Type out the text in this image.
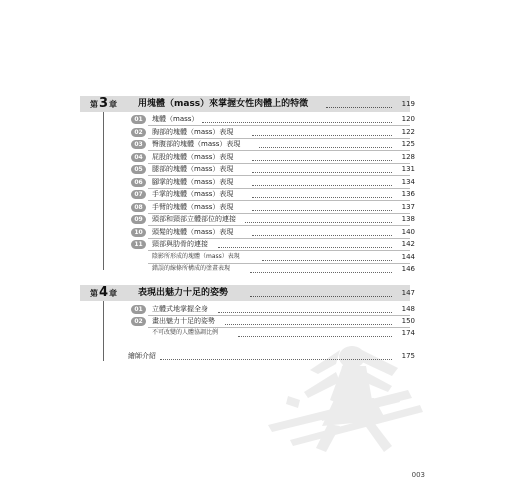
第 3 章 用塊體（mass）來掌握女性肉體上的特徵	119
01	塊體（mass）	120
02	胸部的塊體（mass）表現	122
03	臀腹部的塊體（mass）表現	125
04	屁股的塊體（mass）表現	128
05	腿部的塊體（mass）表現	131
06	腳掌的塊體（mass）表現	134
07	手掌的塊體（mass）表現	136
08	手臂的塊體（mass）表現	137
09	頭部和頸部立體部位的連接	138
10	頭髮的塊體（mass）表現	140
11	頸部與肋骨的連接	142
陰影所形成的塊體（mass）表現	144
錯誤的線條所構成的塗畫表現	146
第 4 章 表現出魅力十足的姿勢	147
01	立體式地掌握全身	148
02	畫出魅力十足的姿勢	150
不可改變的人體協調比例	174
繪師介紹	175
003
